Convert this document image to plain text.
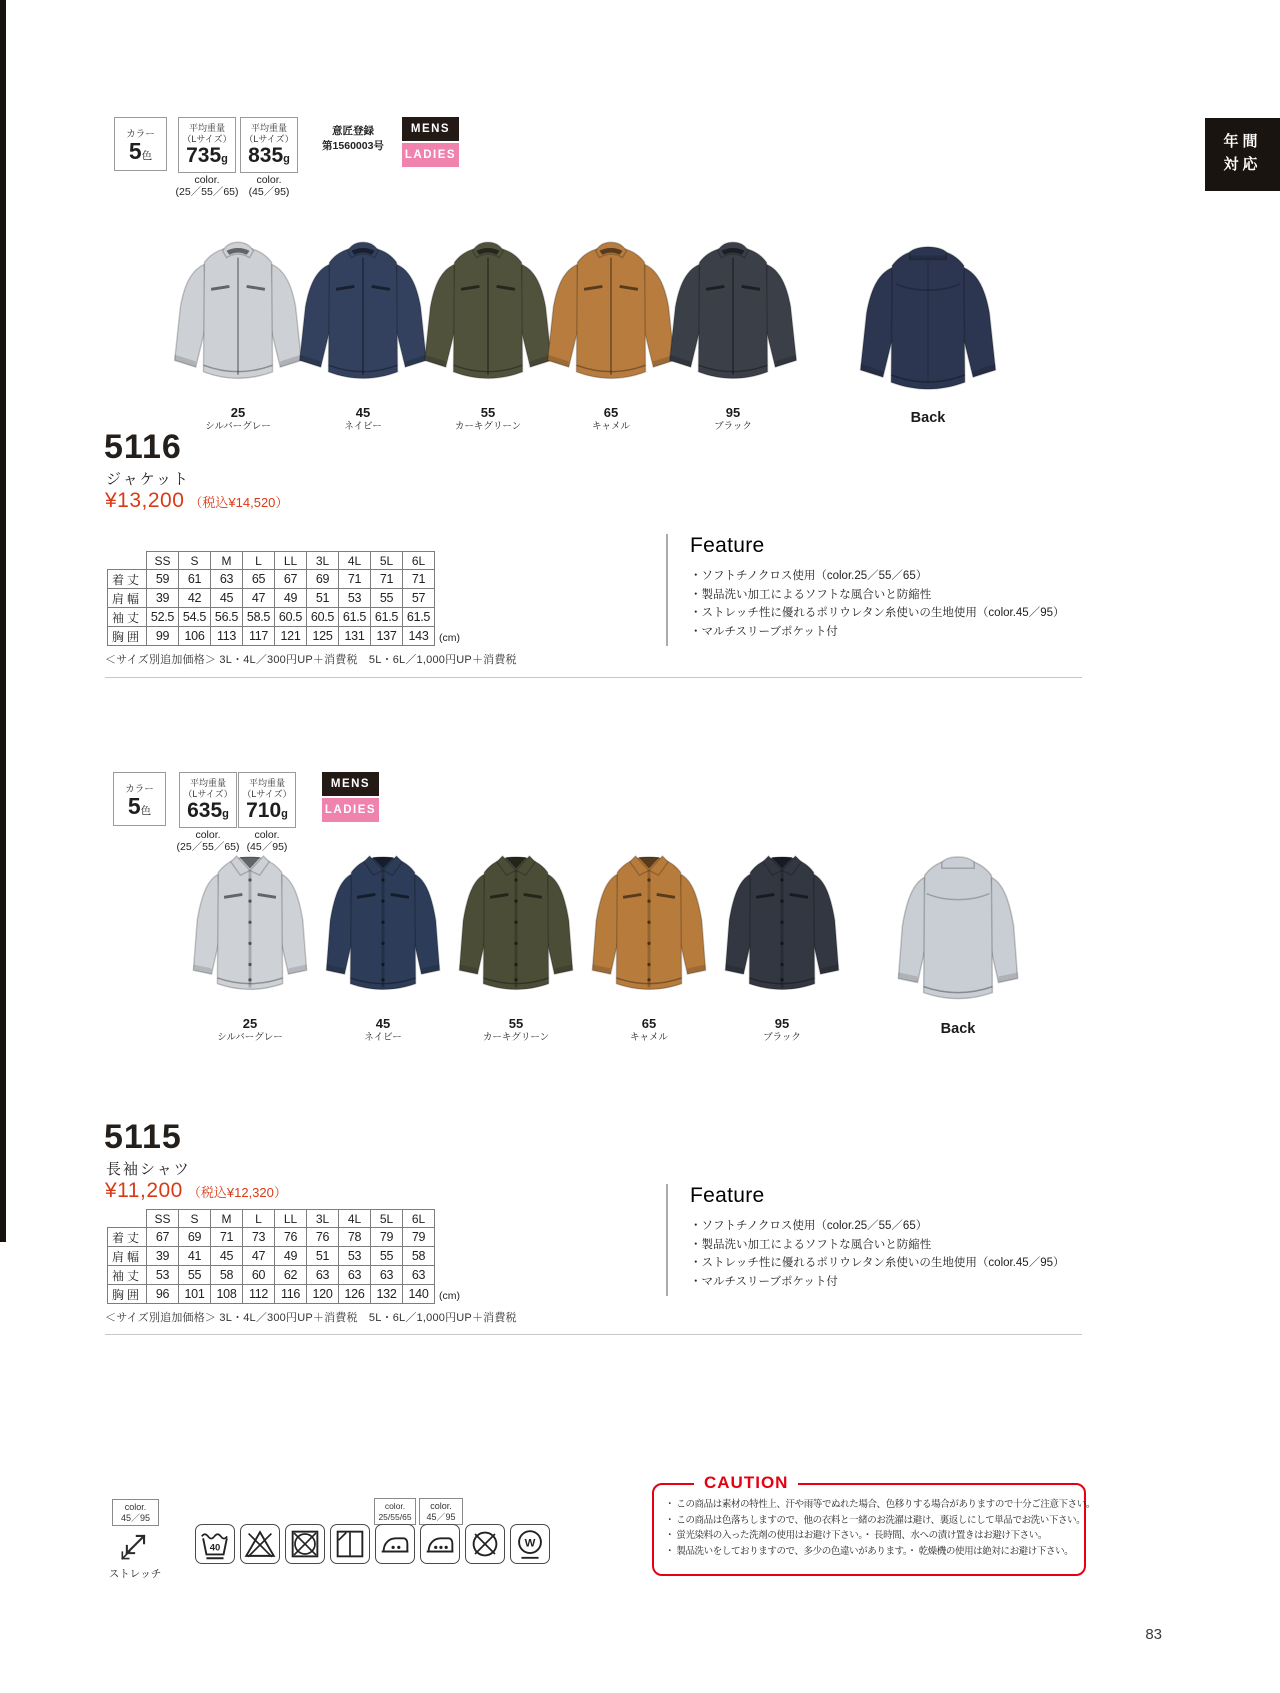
年間
対応
カラー
5色
平均重量
（Lサイズ）
735g
平均重量
（Lサイズ）
835g
color.
(25／55／65)
color.
(45／95)
意匠登録
第1560003号
MENS
LADIES
25
シルバーグレー
45
ネイビー
55
カーキグリーン
65
キャメル
95
ブラック
Back
5116
ジャケット
¥13,200 （税込¥14,520）
	SS	S	M	L	LL	3L	4L	5L	6L
着丈	59	61	63	65	67	69	71	71	71
肩幅	39	42	45	47	49	51	53	55	57
袖丈	52.5	54.5	56.5	58.5	60.5	60.5	61.5	61.5	61.5
胸囲	99	106	113	117	121	125	131	137	143 (cm)
＜サイズ別追加価格＞ 3L・4L／300円UP＋消費税　5L・6L／1,000円UP＋消費税
Feature
・ソフトチノクロス使用（color.25／55／65）
・製品洗い加工によるソフトな風合いと防縮性
・ストレッチ性に優れるポリウレタン糸使いの生地使用（color.45／95）
・マルチスリーブポケット付
カラー
5色
平均重量
（Lサイズ）
635g
平均重量
（Lサイズ）
710g
color.
(25／55／65)
color.
(45／95)
MENS
LADIES
25
シルバーグレー
45
ネイビー
55
カーキグリーン
65
キャメル
95
ブラック
Back
5115
長袖シャツ
¥11,200 （税込¥12,320）
	SS	S	M	L	LL	3L	4L	5L	6L
着丈	67	69	71	73	76	76	78	79	79
肩幅	39	41	45	47	49	51	53	55	58
袖丈	53	55	58	60	62	63	63	63	63
胸囲	96	101	108	112	116	120	126	132	140 (cm)
＜サイズ別追加価格＞ 3L・4L／300円UP＋消費税　5L・6L／1,000円UP＋消費税
Feature
・ソフトチノクロス使用（color.25／55／65）
・製品洗い加工によるソフトな風合いと防縮性
・ストレッチ性に優れるポリウレタン糸使いの生地使用（color.45／95）
・マルチスリーブポケット付
color.
45／95
ストレッチ
color.
25/55/65
color.
45／95
40	W
CAUTION
・ この商品は素材の特性上、汗や雨等でぬれた場合、色移りする場合がありますので十分ご注意下さい。
・ この商品は色落ちしますので、他の衣料と一緒のお洗濯は避け、裏返しにして単品でお洗い下さい。
・ 蛍光染料の入った洗剤の使用はお避け下さい。・ 長時間、水への漬け置きはお避け下さい。
・ 製品洗いをしておりますので、多少の色違いがあります。・ 乾燥機の使用は絶対にお避け下さい。
83
